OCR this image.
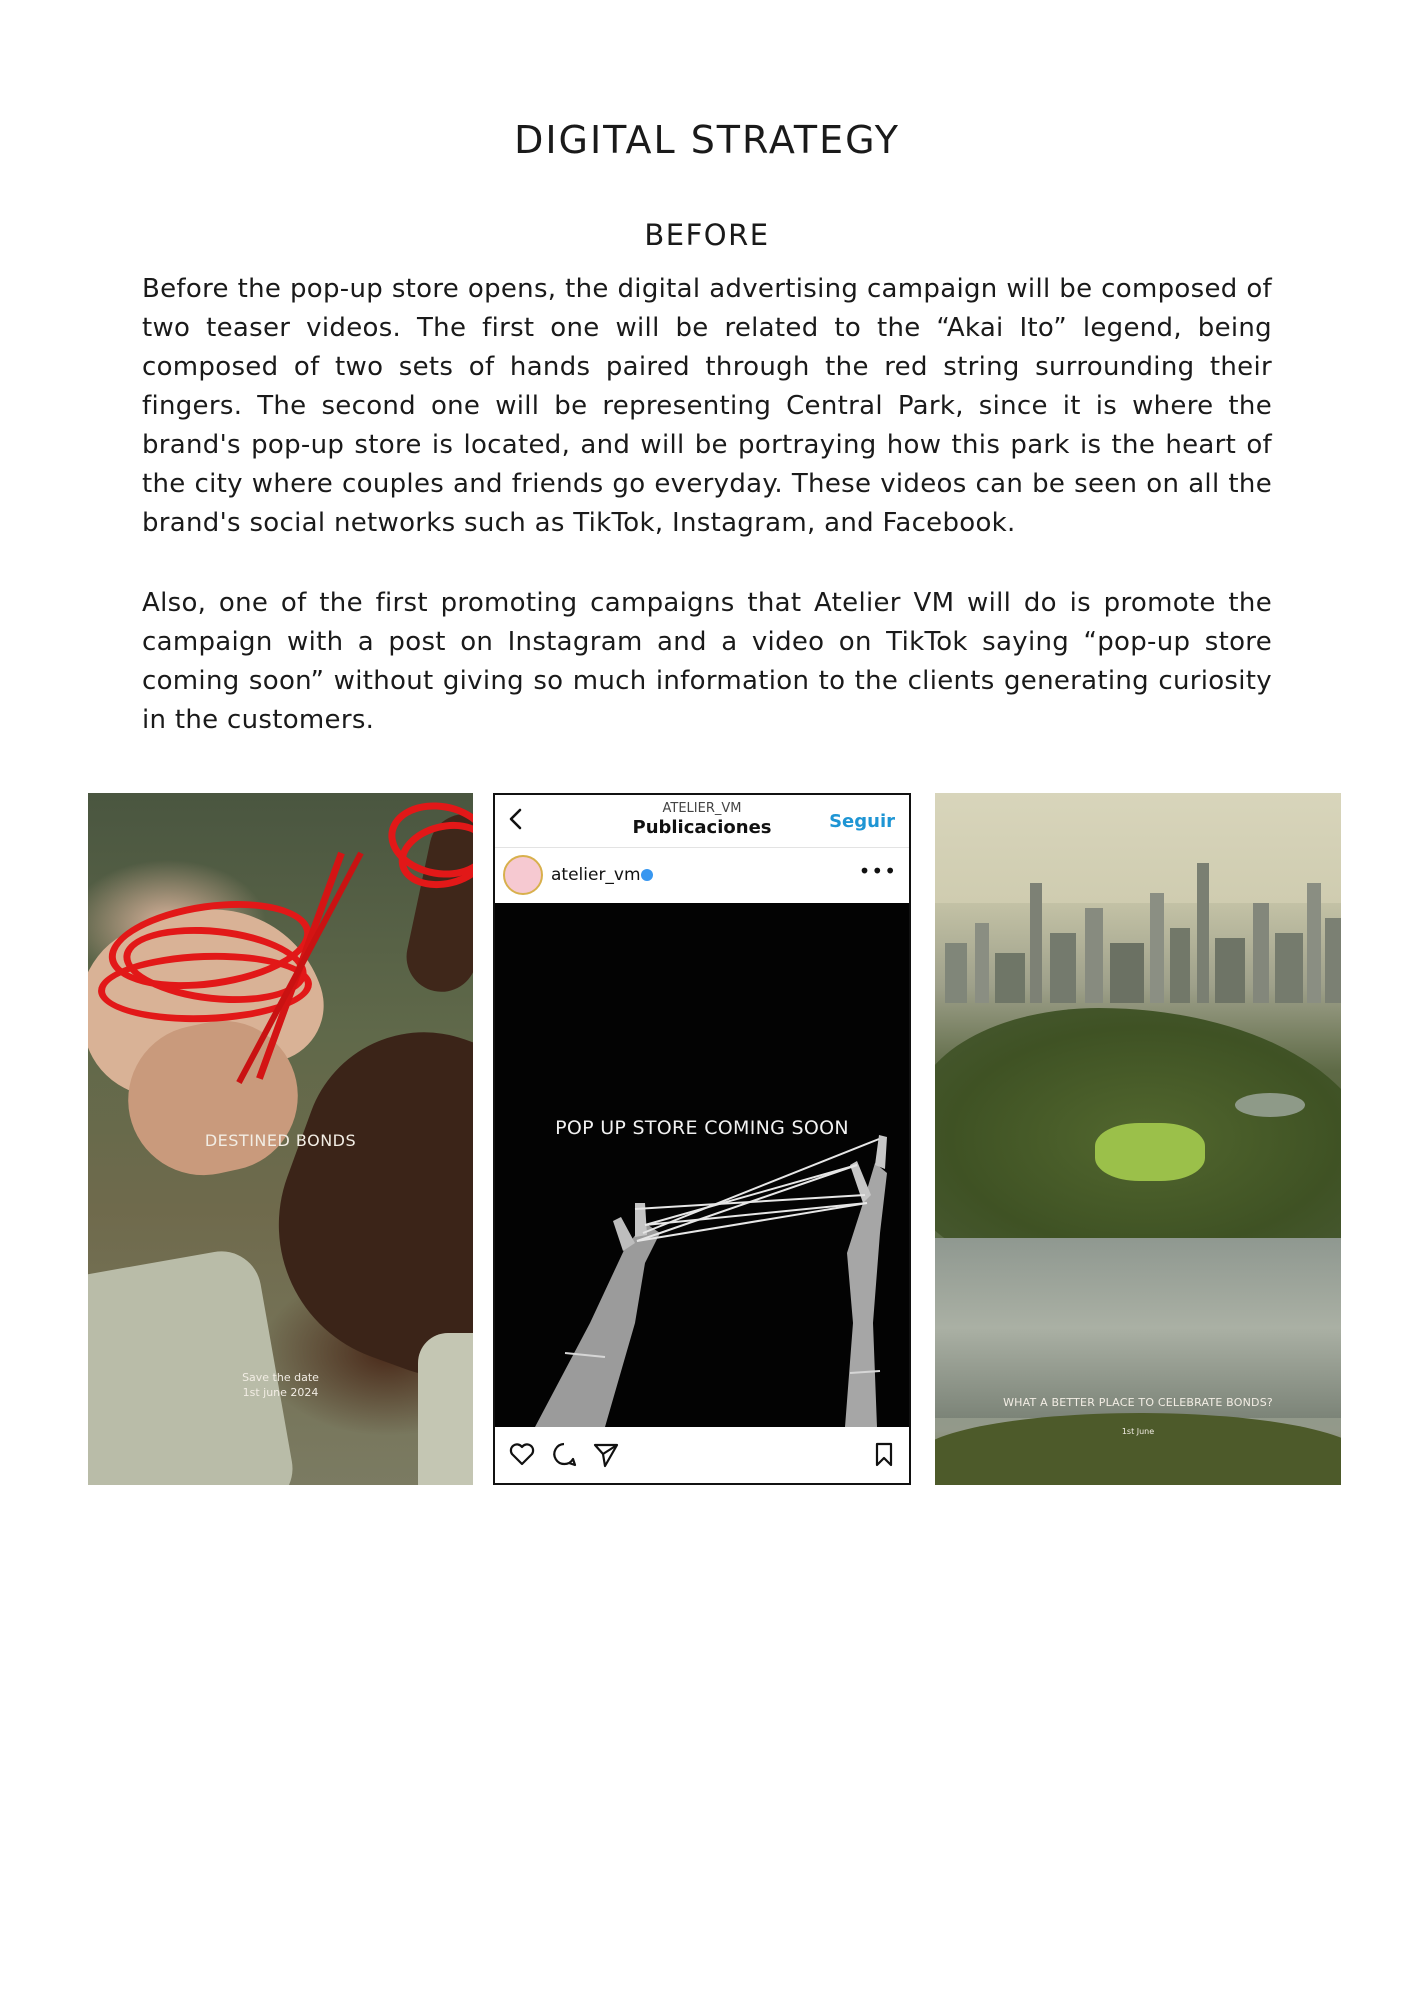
DIGITAL STRATEGY
BEFORE

Before the pop-up store opens, the digital advertising campaign will be composed of two teaser videos. The first one will be related to the “Akai Ito” legend, being composed of two sets of hands paired through the red string surrounding their fingers. The second one will be representing Central Park, since it is where the brand's pop-up store is located, and will be portraying how this park is the heart of the city where couples and friends go everyday. These videos can be seen on all the brand's social networks such as TikTok, Instagram, and Facebook.

Also, one of the first promoting campaigns that Atelier VM will do is promote the campaign with a post on Instagram and a video on TikTok saying “pop-up store coming soon” without giving so much information to the clients generating curiosity in the customers.

DESTINED BONDS
Save the date
1st june 2024
ATELIER_VM
Publicaciones	Seguir
atelier_vm	•••
POP UP STORE COMING SOON
WHAT A BETTER PLACE TO CELEBRATE BONDS?
1st June
